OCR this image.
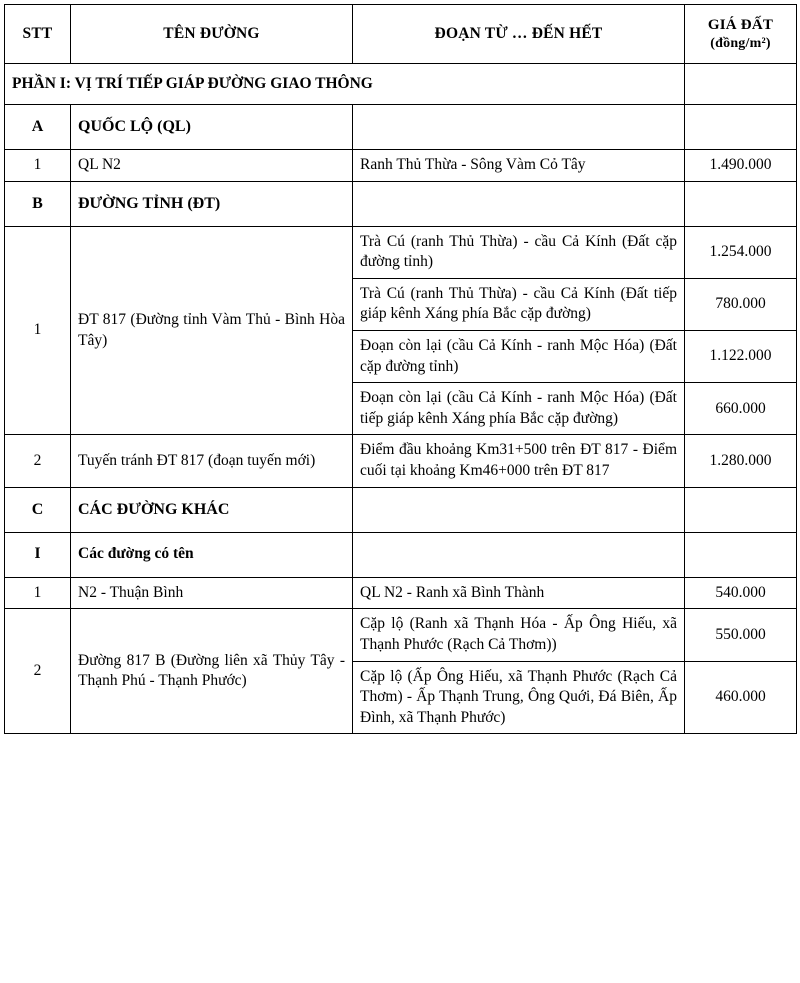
STT	TÊN ĐƯỜNG	ĐOẠN TỪ … ĐẾN HẾT	GIÁ ĐẤT
(đồng/m²)

PHẦN I: VỊ TRÍ TIẾP GIÁP ĐƯỜNG GIAO THÔNG			
A	QUỐC LỘ (QL)		
1	QL N2	Ranh Thủ Thừa - Sông Vàm Cỏ Tây	1.490.000
B	ĐƯỜNG TỈNH (ĐT)		
1	ĐT 817 (Đường tỉnh Vàm Thủ - Bình Hòa Tây)	Trà Cú (ranh Thủ Thừa) - cầu Cả Kính (Đất cặp đường tỉnh)	1.254.000
		Trà Cú (ranh Thủ Thừa) - cầu Cả Kính (Đất tiếp giáp kênh Xáng phía Bắc cặp đường)	780.000
		Đoạn còn lại (cầu Cả Kính - ranh Mộc Hóa) (Đất cặp đường tỉnh)	1.122.000
		Đoạn còn lại (cầu Cả Kính - ranh Mộc Hóa) (Đất tiếp giáp kênh Xáng phía Bắc cặp đường)	660.000
2	Tuyến tránh ĐT 817 (đoạn tuyến mới)	Điểm đầu khoảng Km31+500 trên ĐT 817 - Điểm cuối tại khoảng Km46+000 trên ĐT 817	1.280.000
C	CÁC ĐƯỜNG KHÁC		
I	Các đường có tên		
1	N2 - Thuận Bình	QL N2 - Ranh xã Bình Thành	540.000
2	Đường 817 B (Đường liên xã Thủy Tây - Thạnh Phú - Thạnh Phước)	Cặp lộ (Ranh xã Thạnh Hóa - Ấp Ông Hiếu, xã Thạnh Phước (Rạch Cả Thơm))	550.000
		Cặp lộ (Ấp Ông Hiếu, xã Thạnh Phước (Rạch Cả Thơm) - Ấp Thạnh Trung, Ông Quới, Đá Biên, Ấp Đình, xã Thạnh Phước)	460.000
